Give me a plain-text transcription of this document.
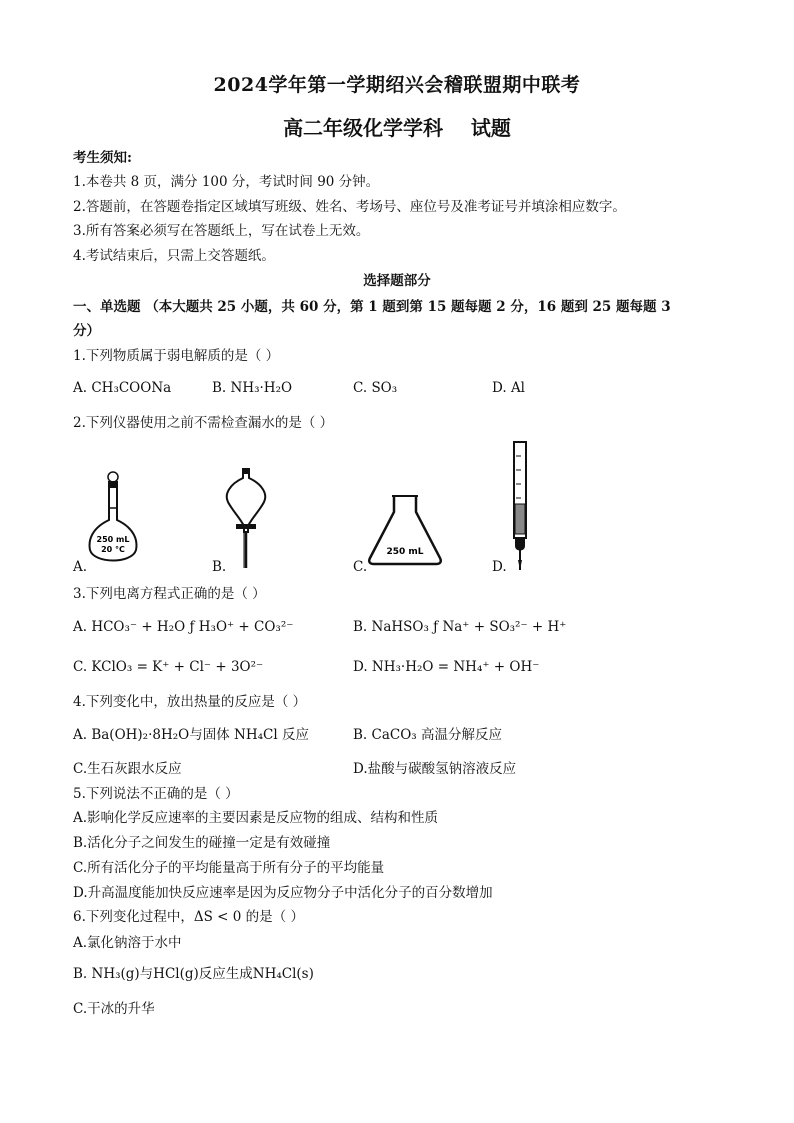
2024学年第一学期绍兴会稽联盟期中联考
高二年级化学学科    试题
考生须知:
1.本卷共 8 页，满分 100 分，考试时间 90 分钟。
2.答题前，在答题卷指定区域填写班级、姓名、考场号、座位号及准考证号并填涂相应数字。
3.所有答案必须写在答题纸上，写在试卷上无效。
4.考试结束后，只需上交答题纸。
选择题部分
一、单选题 （本大题共 25 小题，共 60 分，第 1 题到第 15 题每题 2 分，16 题到 25 题每题 3
分）
1.下列物质属于弱电解质的是（ ）
A. CH₃COONa	B. NH₃·H₂O	C. SO₃	D. Al
2.下列仪器使用之前不需检查漏水的是（ ）
A.	B.	C.	D.
250 mL
20 °C	250 mL
3.下列电离方程式正确的是（ ）
A. HCO₃⁻ + H₂O ƒ H₃O⁺ + CO₃²⁻	B. NaHSO₃ ƒ Na⁺ + SO₃²⁻ + H⁺
C. KClO₃ = K⁺ + Cl⁻ + 3O²⁻	D. NH₃·H₂O = NH₄⁺ + OH⁻
4.下列变化中，放出热量的反应是（ ）
A. Ba(OH)₂·8H₂O与固体 NH₄Cl 反应	B. CaCO₃ 高温分解反应
C.生石灰跟水反应	D.盐酸与碳酸氢钠溶液反应
5.下列说法不正确的是（ ）
A.影响化学反应速率的主要因素是反应物的组成、结构和性质
B.活化分子之间发生的碰撞一定是有效碰撞
C.所有活化分子的平均能量高于所有分子的平均能量
D.升高温度能加快反应速率是因为反应物分子中活化分子的百分数增加
6.下列变化过程中，ΔS < 0 的是（ ）
A.氯化钠溶于水中
B. NH₃(g)与HCl(g)反应生成NH₄Cl(s)
C.干冰的升华
